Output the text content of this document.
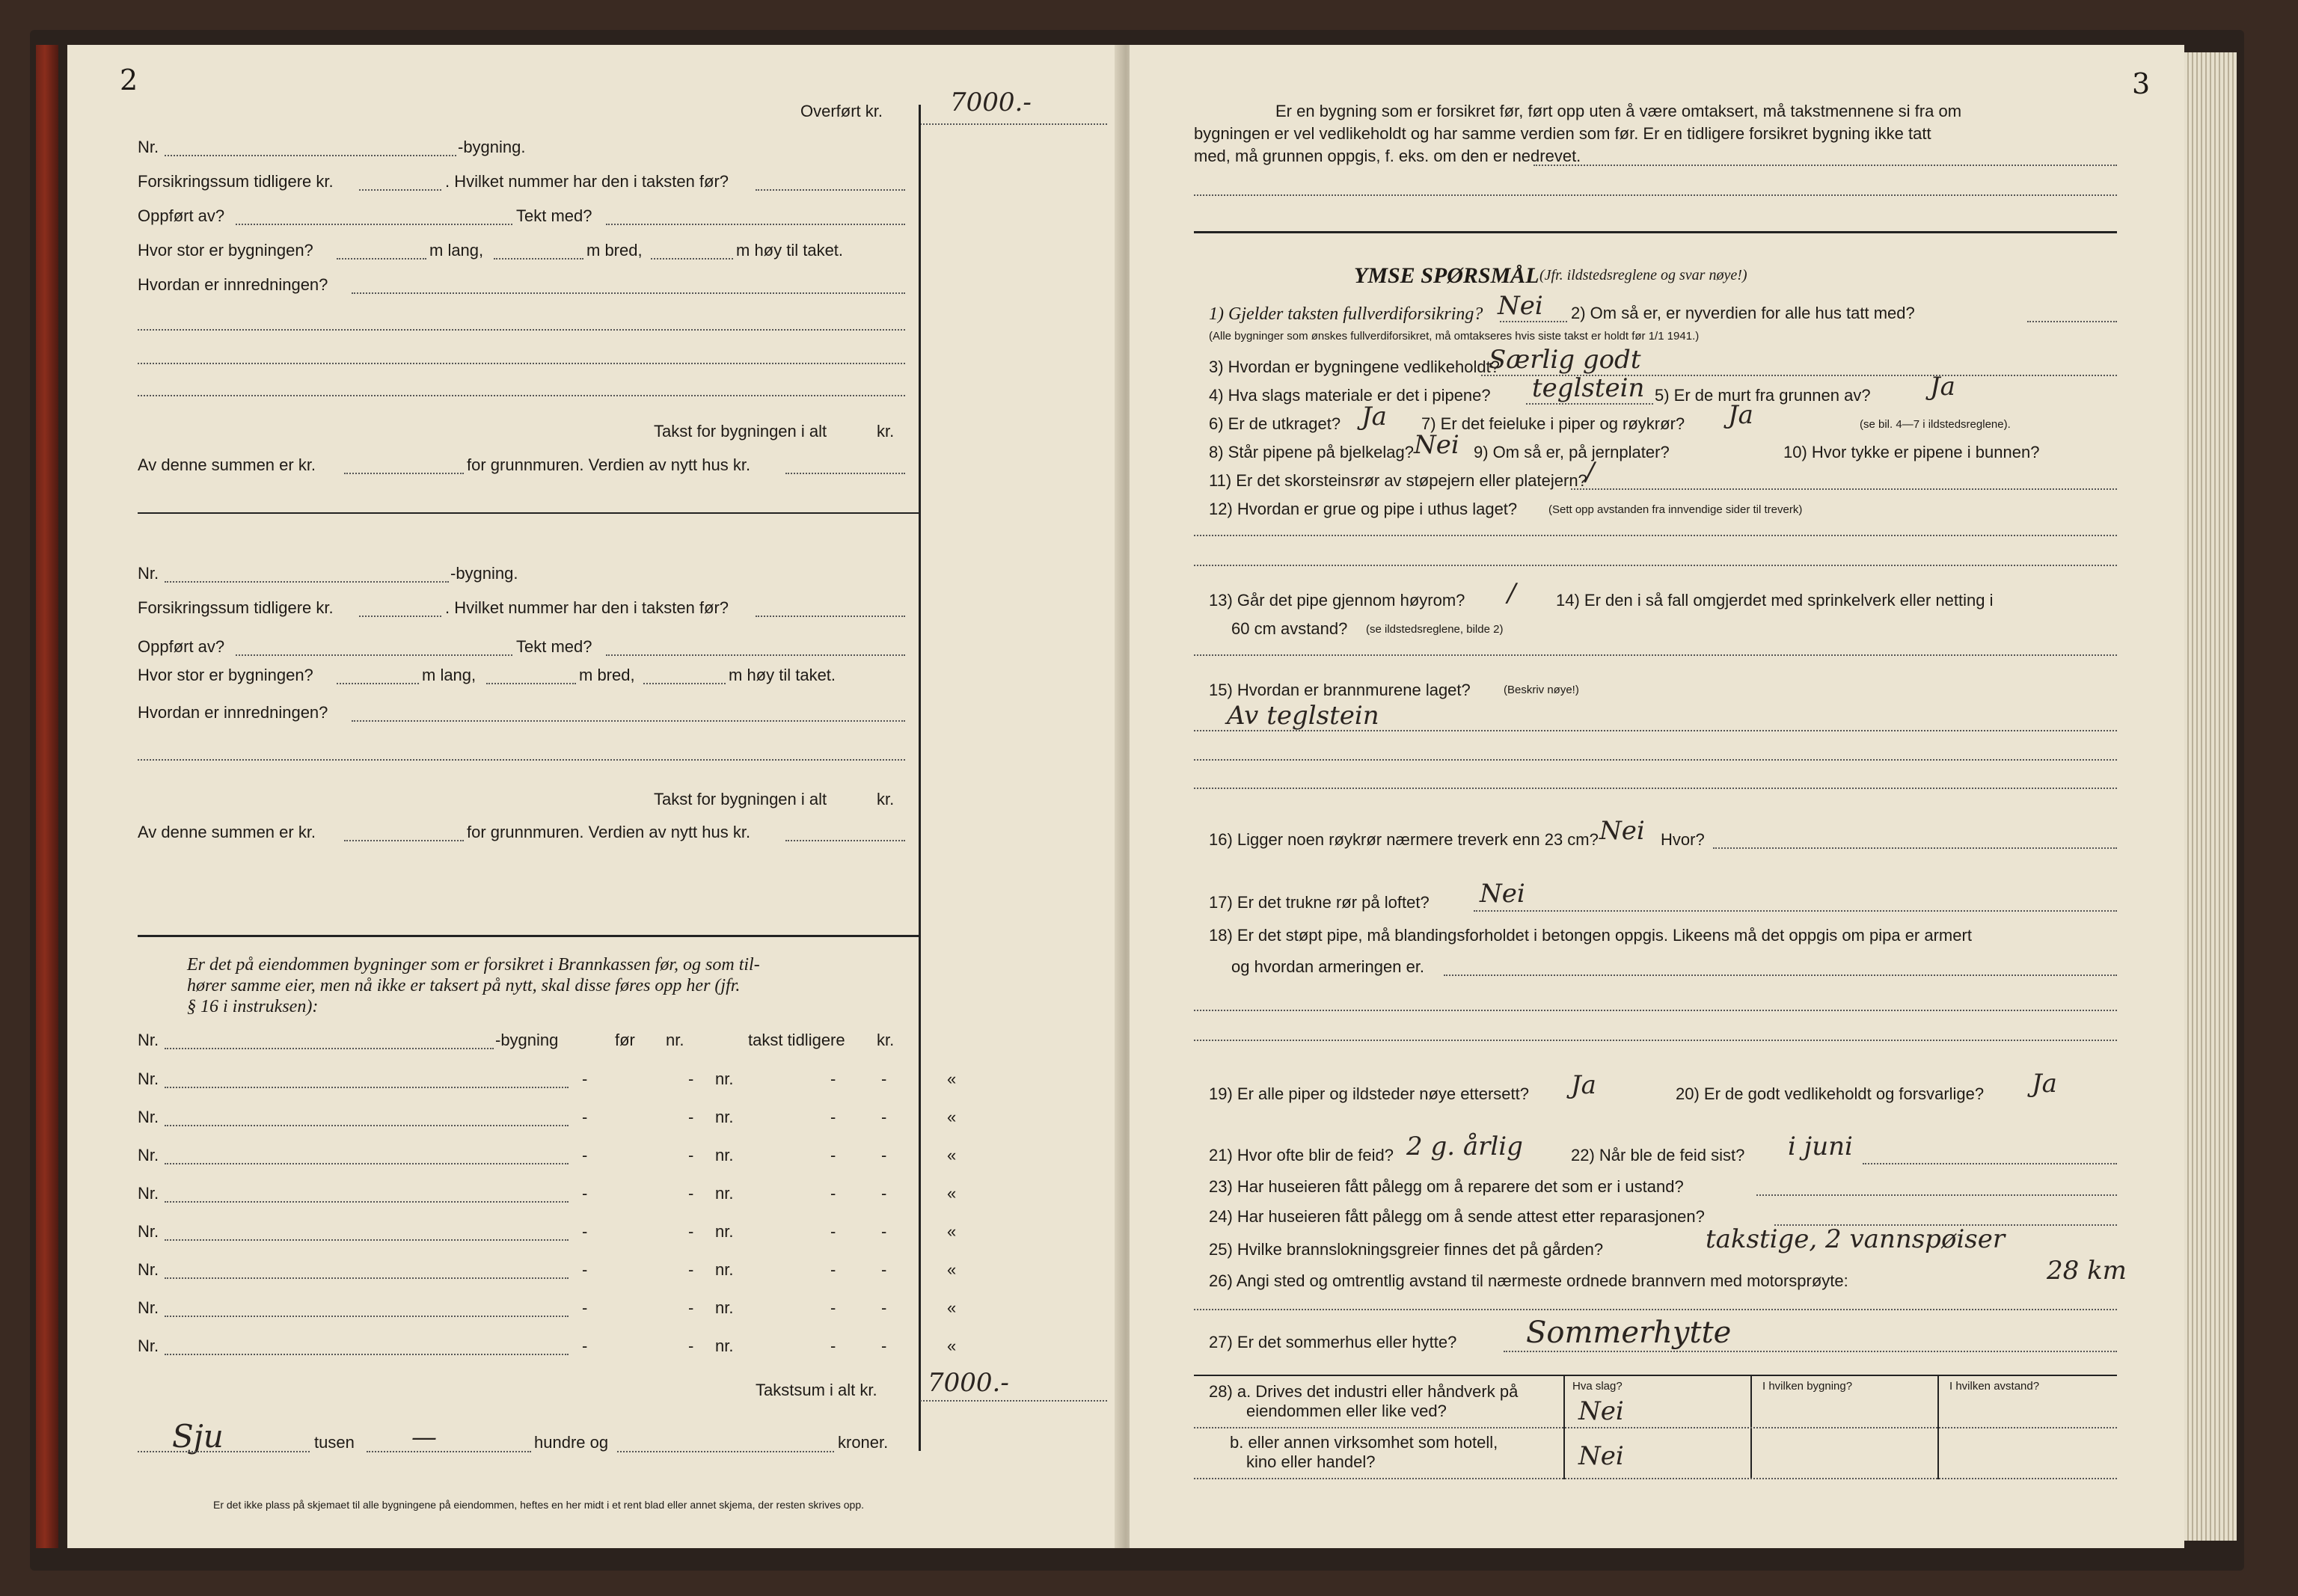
2
Overført kr.	7000.-
Nr.	-bygning.
Forsikringssum tidligere kr.	. Hvilket nummer har den i taksten før?
Oppført av?	Tekt med?
Hvor stor er bygningen?	m lang,	m bred,	m høy til taket.
Hvordan er innredningen?
Takst for bygningen i alt	kr.
Av denne summen er kr.	for grunnmuren. Verdien av nytt hus kr.
Nr.	-bygning.
Forsikringssum tidligere kr.	. Hvilket nummer har den i taksten før?
Oppført av?	Tekt med?
Hvor stor er bygningen?	m lang,	m bred,	m høy til taket.
Hvordan er innredningen?
Takst for bygningen i alt	kr.
Av denne summen er kr.	for grunnmuren. Verdien av nytt hus kr.
Er det på eiendommen bygninger som er forsikret i Brannkassen før, og som til-
hører samme eier, men nå ikke er taksert på nytt, skal disse føres opp her (jfr.
§ 16 i instruksen):
Nr.	-bygning	før nr.	takst tidligere kr.
Nr.	-	- nr.	-	-	«
Nr.	-	- nr.	-	-	«
Nr.	-	- nr.	-	-	«
Nr.	-	- nr.	-	-	«
Nr.	-	- nr.	-	-	«
Nr.	-	- nr.	-	-	«
Nr.	-	- nr.	-	-	«
Nr.	-	- nr.	-	-	«
Takstsum i alt kr. 7000.-
Sju	tusen —	hundre og	kroner.
Er det ikke plass på skjemaet til alle bygningene på eiendommen, heftes en her midt i et rent blad eller annet skjema, der resten skrives opp.
3
Er en bygning som er forsikret før, ført opp uten å være omtaksert, må takstmennene si fra om
bygningen er vel vedlikeholdt og har samme verdien som før. Er en tidligere forsikret bygning ikke tatt
med, må grunnen oppgis, f. eks. om den er nedrevet.
YMSE SPØRSMÅL (Jfr. ildstedsreglene og svar nøye!)
1) Gjelder taksten fullverdiforsikring? Nei 2) Om så er, er nyverdien for alle hus tatt med?
(Alle bygninger som ønskes fullverdiforsikret, må omtakseres hvis siste takst er holdt før 1/1 1941.)
3) Hvordan er bygningene vedlikeholdt?
Særlig godt
4) Hva slags materiale er det i pipene? teglstein 5) Er de murt fra grunnen av? Ja
6) Er de utkraget? Ja 7) Er det feieluke i piper og røykrør? Ja	(se bil. 4—7 i ildstedsreglene).
8) Står pipene på bjelkelag? Nei 9) Om så er, på jernplater?	10) Hvor tykke er pipene i bunnen?
11) Er det skorsteinsrør av støpejern eller platejern?
/
12) Hvordan er grue og pipe i uthus laget?	(Sett opp avstanden fra innvendige sider til treverk)
13) Går det pipe gjennom høyrom? / 14) Er den i så fall omgjerdet med sprinkelverk eller netting i
60 cm avstand? (se ildstedsreglene, bilde 2)
15) Hvordan er brannmurene laget?	(Beskriv nøye!)
Av teglstein
16) Ligger noen røykrør nærmere treverk enn 23 cm? Nei Hvor?
17) Er det trukne rør på loftet? Nei
18) Er det støpt pipe, må blandingsforholdet i betongen oppgis. Likeens må det oppgis om pipa er armert
og hvordan armeringen er.
19) Er alle piper og ildsteder nøye ettersett? Ja	20) Er de godt vedlikeholdt og forsvarlige? Ja
21) Hvor ofte blir de feid? 2 g. årlig	22) Når ble de feid sist? i juni
23) Har huseieren fått pålegg om å reparere det som er i ustand?
24) Har huseieren fått pålegg om å sende attest etter reparasjonen?
25) Hvilke brannslokningsgreier finnes det på gården?	takstige, 2 vannspøiser
26) Angi sted og omtrentlig avstand til nærmeste ordnede brannvern med motorsprøyte:	28 km
27) Er det sommerhus eller hytte? Sommerhytte
Hva slag?	I hvilken bygning?	I hvilken avstand?
28) a. Drives det industri eller håndverk på
eiendommen eller like ved?	Nei
b. eller annen virksomhet som hotell,
kino eller handel?	Nei
